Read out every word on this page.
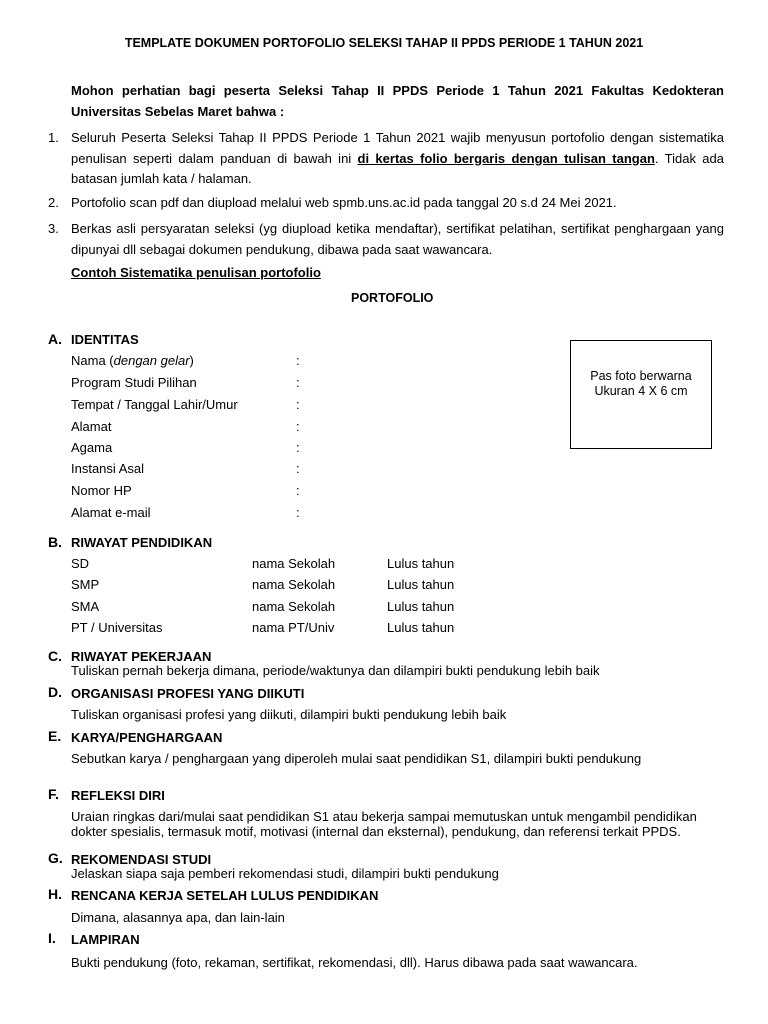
TEMPLATE DOKUMEN PORTOFOLIO SELEKSI TAHAP II PPDS PERIODE 1 TAHUN 2021
Mohon perhatian bagi peserta Seleksi Tahap II PPDS Periode 1 Tahun 2021 Fakultas Kedokteran Universitas Sebelas Maret bahwa :
1. Seluruh Peserta Seleksi Tahap II PPDS Periode 1 Tahun 2021 wajib menyusun portofolio dengan sistematika penulisan seperti dalam panduan di bawah ini di kertas folio bergaris dengan tulisan tangan. Tidak ada batasan jumlah kata / halaman.
2. Portofolio scan pdf dan diupload melalui web spmb.uns.ac.id pada tanggal 20 s.d 24 Mei 2021.
3. Berkas asli persyaratan seleksi (yg diupload ketika mendaftar), sertifikat pelatihan, sertifikat penghargaan yang dipunyai dll sebagai dokumen pendukung, dibawa pada saat wawancara.
Contoh Sistematika penulisan portofolio
PORTOFOLIO
A. IDENTITAS
Nama (dengan gelar)	:
Program Studi Pilihan	:
Tempat / Tanggal Lahir/Umur	:
Alamat	:
Agama	:
Instansi Asal	:
Nomor HP	:
Alamat e-mail	:
Pas foto berwarna
Ukuran 4 X 6 cm
B. RIWAYAT PENDIDIKAN
SD	nama Sekolah	Lulus tahun
SMP	nama Sekolah	Lulus tahun
SMA	nama Sekolah	Lulus tahun
PT / Universitas	nama PT/Univ	Lulus tahun
C. RIWAYAT PEKERJAAN
Tuliskan pernah bekerja dimana, periode/waktunya dan dilampiri bukti pendukung lebih baik
D. ORGANISASI PROFESI YANG DIIKUTI
Tuliskan organisasi profesi yang diikuti, dilampiri bukti pendukung lebih baik
E. KARYA/PENGHARGAAN
Sebutkan karya / penghargaan yang diperoleh mulai saat pendidikan S1, dilampiri bukti pendukung
F. REFLEKSI DIRI
Uraian ringkas dari/mulai saat pendidikan S1 atau bekerja sampai memutuskan untuk mengambil pendidikan
dokter spesialis, termasuk motif, motivasi (internal dan eksternal), pendukung, dan referensi terkait PPDS.
G. REKOMENDASI STUDI
Jelaskan siapa saja pemberi rekomendasi studi, dilampiri bukti pendukung
H. RENCANA KERJA SETELAH LULUS PENDIDIKAN
Dimana, alasannya apa, dan lain-lain
I. LAMPIRAN
Bukti pendukung (foto, rekaman, sertifikat, rekomendasi, dll). Harus dibawa pada saat wawancara.
